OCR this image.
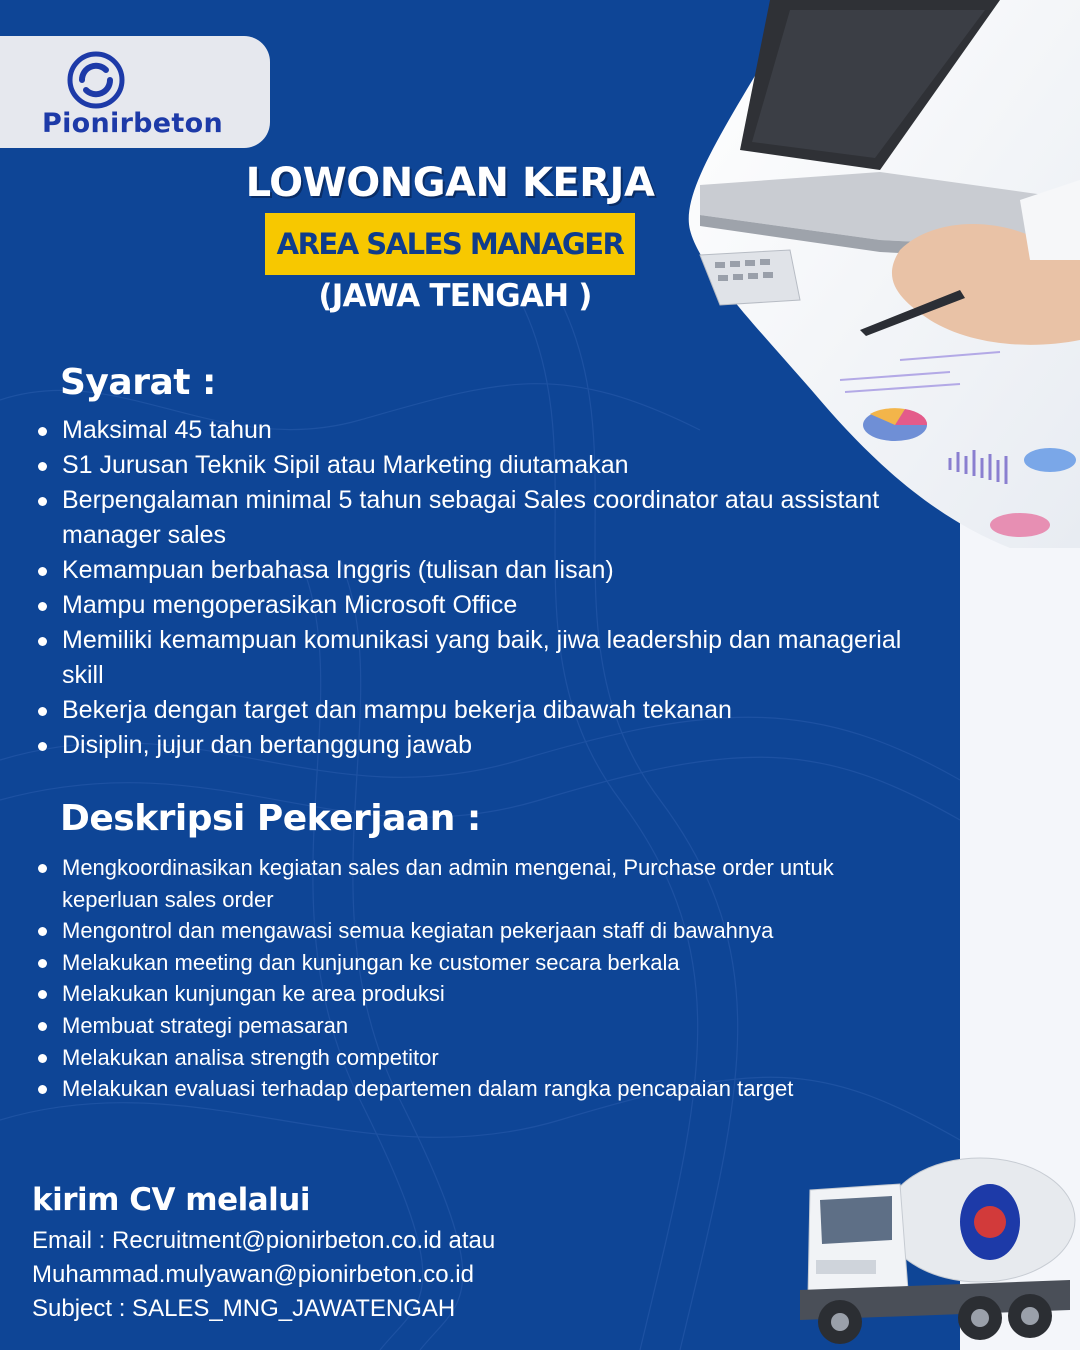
Pionirbeton
LOWONGAN KERJA
AREA SALES MANAGER
(JAWA TENGAH )
Syarat :
Maksimal 45 tahun
S1 Jurusan Teknik Sipil atau Marketing diutamakan
Berpengalaman minimal 5 tahun sebagai Sales coordinator atau assistant manager sales
Kemampuan berbahasa Inggris (tulisan dan lisan)
Mampu mengoperasikan Microsoft Office
Memiliki kemampuan komunikasi yang baik, jiwa leadership dan managerial skill
Bekerja dengan target dan mampu bekerja dibawah tekanan
Disiplin, jujur dan bertanggung jawab
Deskripsi Pekerjaan :
Mengkoordinasikan kegiatan sales dan admin mengenai, Purchase order untuk keperluan sales order
Mengontrol dan mengawasi semua kegiatan pekerjaan staff di bawahnya
Melakukan meeting dan kunjungan ke customer secara berkala
Melakukan kunjungan ke area produksi
Membuat strategi pemasaran
Melakukan analisa strength competitor
Melakukan evaluasi terhadap departemen dalam rangka pencapaian target
kirim CV melalui
Email : Recruitment@pionirbeton.co.id atau
Muhammad.mulyawan@pionirbeton.co.id
Subject : SALES_MNG_JAWATENGAH
